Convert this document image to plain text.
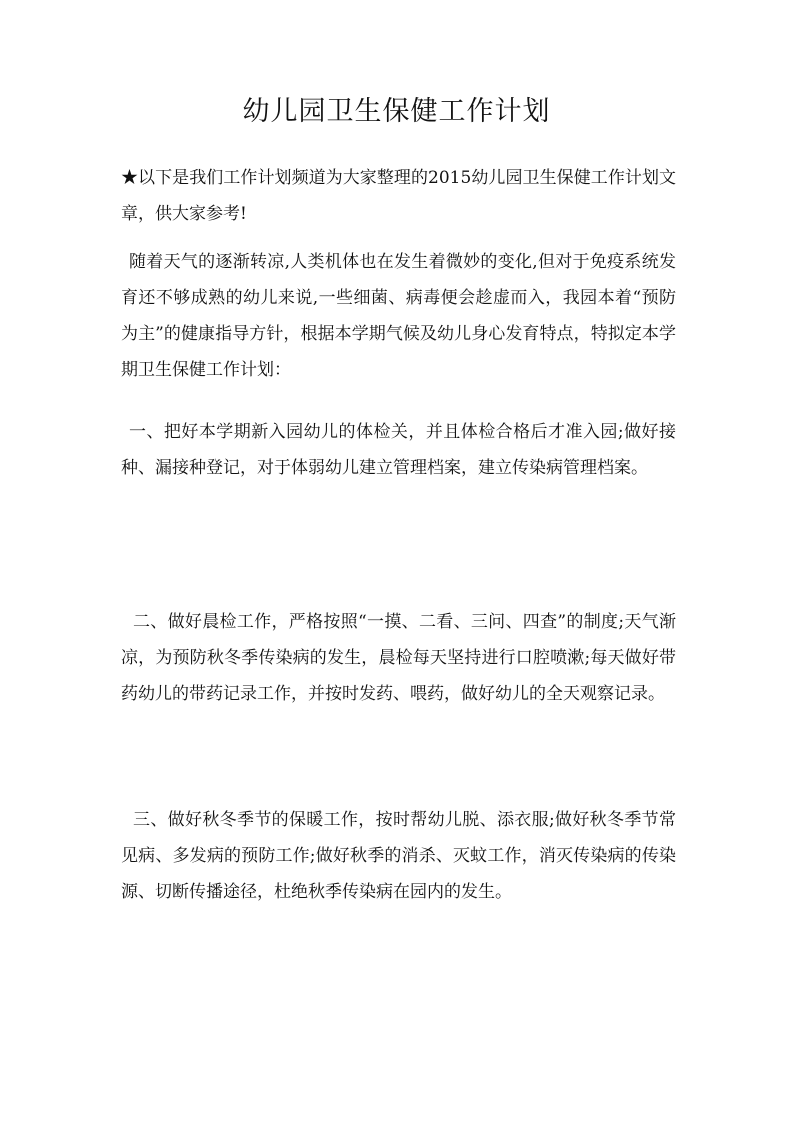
幼儿园卫生保健工作计划

★以下是我们工作计划频道为大家整理的2015幼儿园卫生保健工作计划文章，供大家参考!

随着天气的逐渐转凉,人类机体也在发生着微妙的变化,但对于免疫系统发育还不够成熟的幼儿来说,一些细菌、病毒便会趁虚而入，我园本着“预防为主”的健康指导方针，根据本学期气候及幼儿身心发育特点，特拟定本学期卫生保健工作计划：

一、把好本学期新入园幼儿的体检关，并且体检合格后才准入园;做好接种、漏接种登记，对于体弱幼儿建立管理档案，建立传染病管理档案。

二、做好晨检工作，严格按照“一摸、二看、三问、四查”的制度;天气渐凉，为预防秋冬季传染病的发生，晨检每天坚持进行口腔喷漱;每天做好带药幼儿的带药记录工作，并按时发药、喂药，做好幼儿的全天观察记录。

三、做好秋冬季节的保暖工作，按时帮幼儿脱、添衣服;做好秋冬季节常见病、多发病的预防工作;做好秋季的消杀、灭蚊工作，消灭传染病的传染源、切断传播途径，杜绝秋季传染病在园内的发生。
